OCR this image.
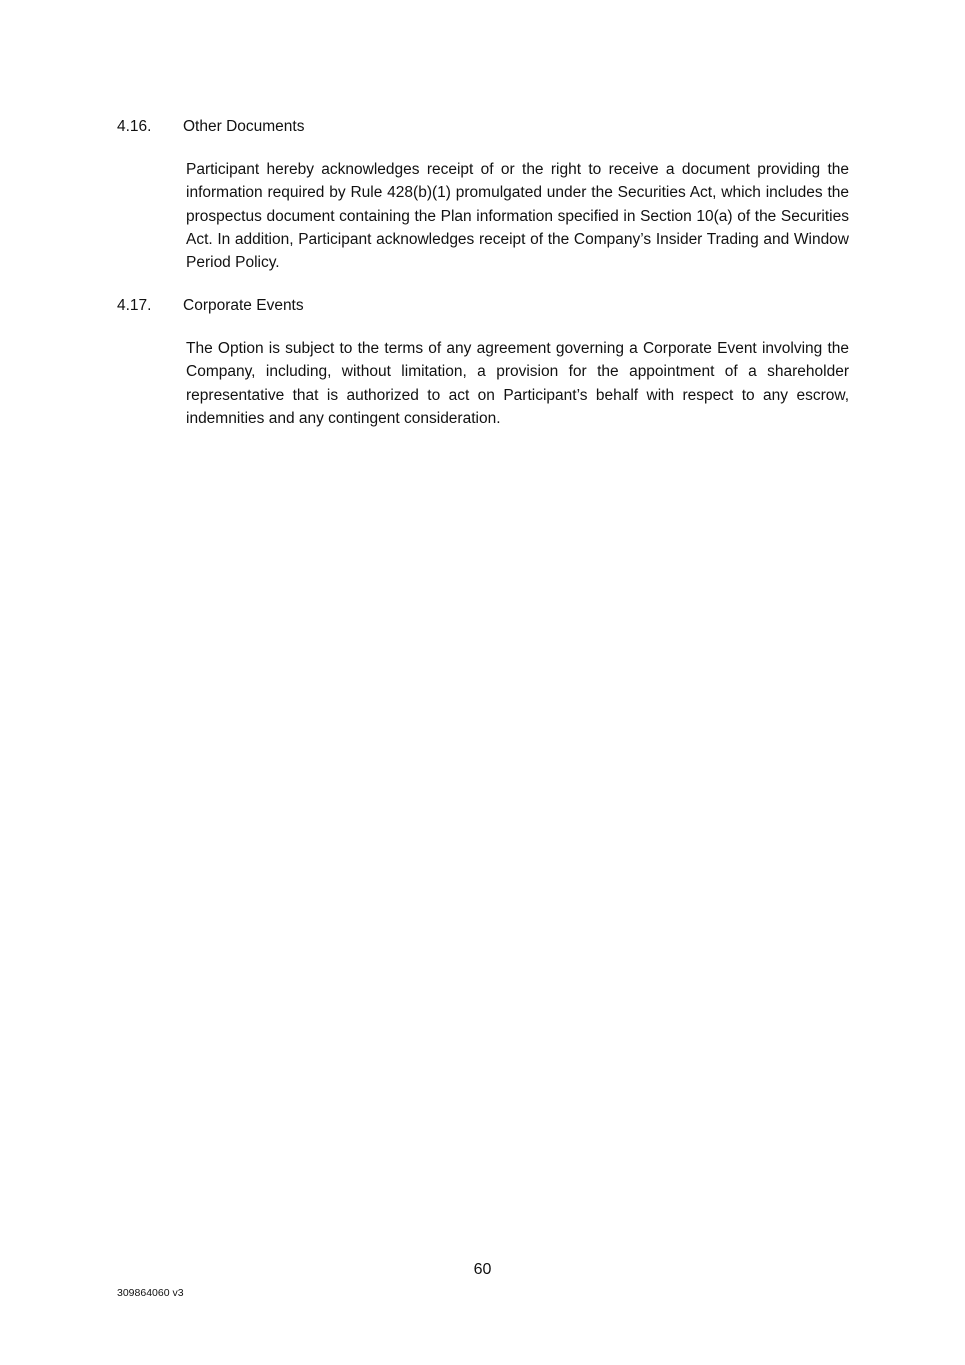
4.16. Other Documents
Participant hereby acknowledges receipt of or the right to receive a document providing the information required by Rule 428(b)(1) promulgated under the Securities Act, which includes the prospectus document containing the Plan information specified in Section 10(a) of the Securities Act. In addition, Participant acknowledges receipt of the Company’s Insider Trading and Window Period Policy.
4.17. Corporate Events
The Option is subject to the terms of any agreement governing a Corporate Event involving the Company, including, without limitation, a provision for the appointment of a shareholder representative that is authorized to act on Participant’s behalf with respect to any escrow, indemnities and any contingent consideration.
60
309864060 v3
